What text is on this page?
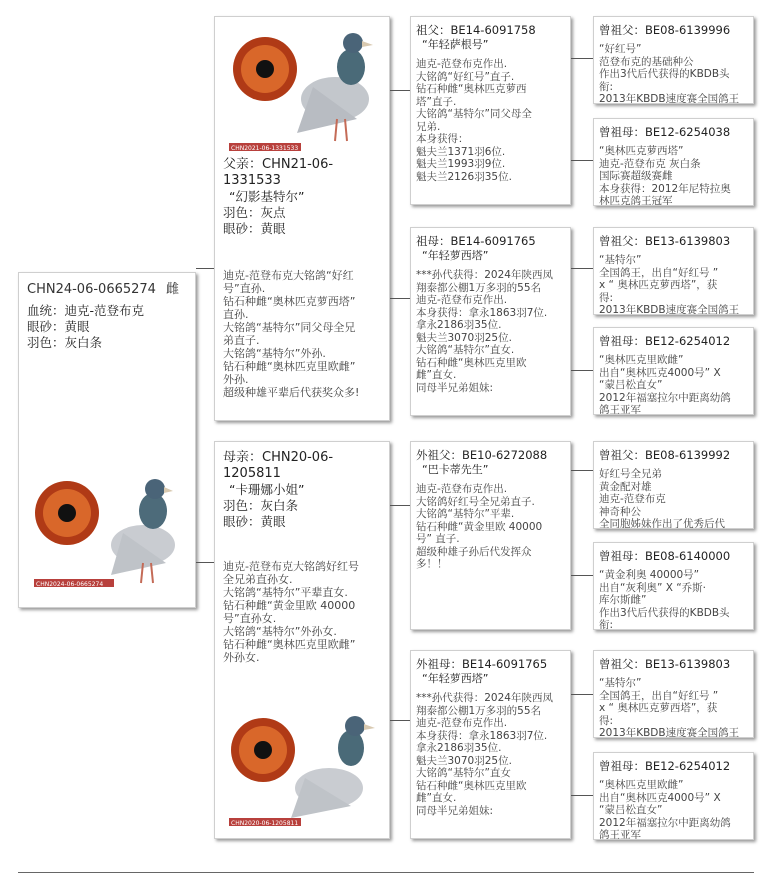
CHN24-06-0665274 雌
血统：迪克-范登布克
眼砂：黄眼
羽色：灰白条
CHN2024-06-0665274
CHN2021-06-1331533
父亲：CHN21-06-1331533
“幻影基特尔”
羽色：灰点
眼砂：黄眼
迪克-范登布克大铭鸽“好红
号”直孙.
钻石种雌“奥林匹克萝西塔”
直孙.
大铭鸽“基特尔”同父母全兄
弟直子.
大铭鸽“基特尔”外孙.
钻石种雌“奥林匹克里欧雌”
外孙.
超级种雄平辈后代获奖众多!
母亲：CHN20-06-1205811
“卡珊娜小姐”
羽色：灰白条
眼砂：黄眼
迪克-范登布克大铭鸽好红号
全兄弟直孙女.
大铭鸽“基特尔”平辈直女.
钻石种雌“黄金里欧 40000
号”直孙女.
大铭鸽“基特尔”外孙女.
钻石种雌“奥林匹克里欧雌”
外孙女.
CHN2020-06-1205811
祖父：BE14-6091758
“年轻萨根号”
迪克-范登布克作出.
大铭鸽“好红号”直子.
钻石种雌“奥林匹克萝西
塔”直子.
大铭鸽“基特尔”同父母全
兄弟.
本身获得：
魁夫兰1371羽6位.
魁夫兰1993羽9位.
魁夫兰2126羽35位.
祖母：BE14-6091765
“年轻萝西塔”
***孙代获得：2024年陕西凤
翔泰都公棚1万多羽的55名
迪克-范登布克作出.
本身获得：拿永1863羽7位.
拿永2186羽35位.
魁夫兰3070羽25位.
大铭鸽“基特尔”直女.
钻石种雌“奥林匹克里欧
雌”直女.
同母半兄弟姐妹:
外祖父：BE10-6272088
“巴卡蒂先生”
迪克-范登布克作出.
大铭鸽好红号全兄弟直子.
大铭鸽“基特尔”平辈.
钻石种雌“黄金里欧 40000
号” 直子.
超级种雄子孙后代发挥众
多！！
外祖母：BE14-6091765
“年轻萝西塔”
***孙代获得：2024年陕西凤
翔泰都公棚1万多羽的55名
迪克-范登布克作出.
本身获得：拿永1863羽7位.
拿永2186羽35位.
魁夫兰3070羽25位.
大铭鸽“基特尔”直女
钻石种雌“奥林匹克里欧
雌”直女.
同母半兄弟姐妹:
曾祖父：BE08-6139996
“好红号”
范登布克的基础种公
作出3代后代获得的KBDB头
衔:
2013年KBDB速度赛全国鸽王
曾祖母：BE12-6254038
“奥林匹克萝西塔”
迪克-范登布克 灰白条
国际赛超级赛雌
本身获得：2012年尼特拉奥
林匹克鸽王冠军
曾祖父：BE13-6139803
“基特尔”
全国鸽王，出自“好红号 ”
x “ 奥林匹克萝西塔”，获
得:
2013年KBDB速度赛全国鸽王
曾祖母：BE12-6254012
“奥林匹克里欧雌”
出自“奥林匹克4000号” X
“蒙吕松直女”
2012年福塞拉尔中距离幼鸽
鸽王亚军
曾祖父：BE08-6139992
好红号全兄弟
黄金配对雄
迪克-范登布克
神奇种公
全同胞姊妹作出了优秀后代
曾祖母：BE08-6140000
“黄金利奥 40000号”
出自“灰利奥” X “乔斯·
库尔斯雌”
作出3代后代获得的KBDB头
衔:
曾祖父：BE13-6139803
“基特尔”
全国鸽王，出自“好红号 ”
x “ 奥林匹克萝西塔”，获
得:
2013年KBDB速度赛全国鸽王
曾祖母：BE12-6254012
“奥林匹克里欧雌”
出自“奥林匹克4000号” X
“蒙吕松直女”
2012年福塞拉尔中距离幼鸽
鸽王亚军
